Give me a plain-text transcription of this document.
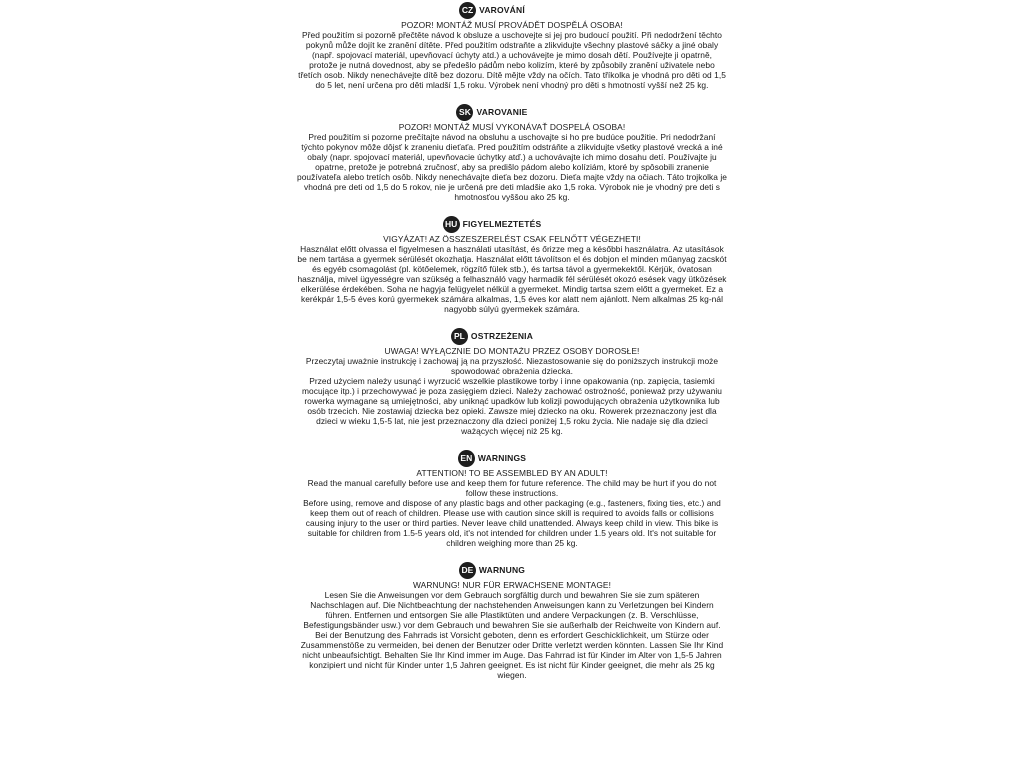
CZ VAROVÁNÍ
POZOR! MONTÁŽ MUSÍ PROVÁDĚT DOSPĚLÁ OSOBA!

Před použitím si pozorně přečtěte návod k obsluze a uschovejte si jej pro budoucí použití. Při nedodržení těchto pokynů může dojít ke zranění dítěte. Před použitím odstraňte a zlikvidujte všechny plastové sáčky a jiné obaly (např. spojovací materiál, upevňovací úchyty atd.) a uchovávejte je mimo dosah dětí. Používejte ji opatrně, protože je nutná dovednost, aby se předešlo pádům nebo kolizím, které by způsobily zranění uživatele nebo třetích osob. Nikdy nenechávejte dítě bez dozoru. Dítě mějte vždy na očích. Tato tříkolka je vhodná pro děti od 1,5 do 5 let, není určena pro děti mladší 1,5 roku. Výrobek není vhodný pro děti s hmotností vyšší než 25 kg.

SK VAROVANIE
POZOR! MONTÁŽ MUSÍ VYKONÁVAŤ DOSPELÁ OSOBA!

Pred použitím si pozorne prečítajte návod na obsluhu a uschovajte si ho pre budúce použitie. Pri nedodržaní týchto pokynov môže dôjsť k zraneniu dieťaťa. Pred použitím odstráňte a zlikvidujte všetky plastové vrecká a iné obaly (napr. spojovací materiál, upevňovacie úchytky atď.) a uchovávajte ich mimo dosahu detí. Používajte ju opatrne, pretože je potrebná zručnosť, aby sa predišlo pádom alebo kolíziám, ktoré by spôsobili zranenie používateľa alebo tretích osôb. Nikdy nenechávajte dieťa bez dozoru. Dieťa majte vždy na očiach. Táto trojkolka je vhodná pre deti od 1,5 do 5 rokov, nie je určená pre deti mladšie ako 1,5 roka. Výrobok nie je vhodný pre deti s hmotnosťou vyššou ako 25 kg.

HU FIGYELMEZTETÉS
VIGYÁZAT! AZ ÖSSZESZERELÉST CSAK FELNŐTT VÉGEZHETI!

Használat előtt olvassa el figyelmesen a használati utasítást, és őrizze meg a későbbi használatra. Az utasítások be nem tartása a gyermek sérülését okozhatja. Használat előtt távolítson el és dobjon el minden műanyag zacskót és egyéb csomagolást (pl. kötőelemek, rögzítő fülek stb.), és tartsa távol a gyermekektől. Kérjük, óvatosan használja, mivel ügyességre van szükség a felhasználó vagy harmadik fél sérülését okozó esések vagy ütközések elkerülése érdekében. Soha ne hagyja felügyelet nélkül a gyermeket. Mindig tartsa szem előtt a gyermeket. Ez a kerékpár 1,5-5 éves korú gyermekek számára alkalmas, 1,5 éves kor alatt nem ajánlott. Nem alkalmas 25 kg-nál nagyobb súlyú gyermekek számára.

PL OSTRZEŻENIA
UWAGA! WYŁĄCZNIE DO MONTAŻU PRZEZ OSOBY DOROSŁE!

Przeczytaj uważnie instrukcję i zachowaj ją na przyszłość. Niezastosowanie się do poniższych instrukcji może spowodować obrażenia dziecka.

Przed użyciem należy usunąć i wyrzucić wszelkie plastikowe torby i inne opakowania (np. zapięcia, tasiemki mocujące itp.) i przechowywać je poza zasięgiem dzieci. Należy zachować ostrożność, ponieważ przy używaniu rowerka wymagane są umiejętności, aby uniknąć upadków lub kolizji powodujących obrażenia użytkownika lub osób trzecich. Nie zostawiaj dziecka bez opieki. Zawsze miej dziecko na oku. Rowerek przeznaczony jest dla dzieci w wieku 1,5-5 lat, nie jest przeznaczony dla dzieci poniżej 1,5 roku życia. Nie nadaje się dla dzieci ważących więcej niż 25 kg.

EN WARNINGS
ATTENTION! TO BE ASSEMBLED BY AN ADULT!

Read the manual carefully before use and keep them for future reference. The child may be hurt if you do not follow these instructions.

Before using, remove and dispose of any plastic bags and other packaging (e.g., fasteners, fixing ties, etc.) and keep them out of reach of children. Please use with caution since skill is required to avoids falls or collisions causing injury to the user or third parties. Never leave child unattended. Always keep child in view. This bike is suitable for children from 1.5-5 years old, it's not intended for children under 1.5 years old. It's not suitable for children weighing more than 25 kg.

DE WARNUNG
WARNUNG! NUR FÜR ERWACHSENE MONTAGE!

Lesen Sie die Anweisungen vor dem Gebrauch sorgfältig durch und bewahren Sie sie zum späteren Nachschlagen auf. Die Nichtbeachtung der nachstehenden Anweisungen kann zu Verletzungen bei Kindern führen. Entfernen und entsorgen Sie alle Plastiktüten und andere Verpackungen (z. B. Verschlüsse, Befestigungsbänder usw.) vor dem Gebrauch und bewahren Sie sie außerhalb der Reichweite von Kindern auf. Bei der Benutzung des Fahrrads ist Vorsicht geboten, denn es erfordert Geschicklichkeit, um Stürze oder Zusammenstöße zu vermeiden, bei denen der Benutzer oder Dritte verletzt werden könnten. Lassen Sie Ihr Kind nicht unbeaufsichtigt. Behalten Sie Ihr Kind immer im Auge. Das Fahrrad ist für Kinder im Alter von 1,5-5 Jahren konzipiert und nicht für Kinder unter 1,5 Jahren geeignet. Es ist nicht für Kinder geeignet, die mehr als 25 kg wiegen.
